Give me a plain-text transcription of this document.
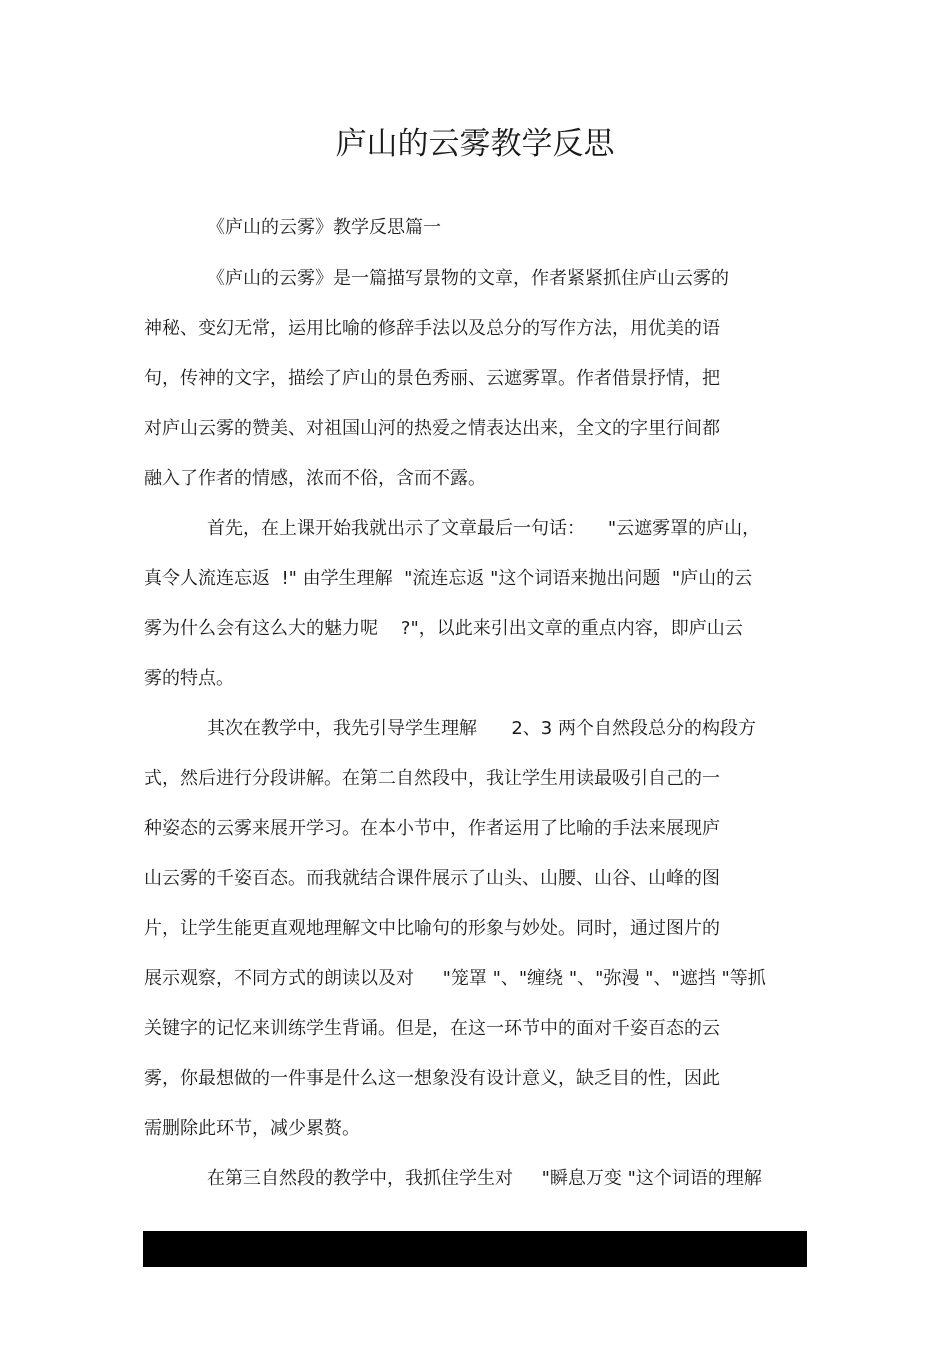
庐山的云雾教学反思
《庐山的云雾》教学反思篇一
《庐山的云雾》是一篇描写景物的文章，作者紧紧抓住庐山云雾的
神秘、变幻无常，运用比喻的修辞手法以及总分的写作方法，用优美的语
句，传神的文字，描绘了庐山的景色秀丽、云遮雾罩。作者借景抒情，把
对庐山云雾的赞美、对祖国山河的热爱之情表达出来，全文的字里行间都
融入了作者的情感，浓而不俗，含而不露。
首先，在上课开始我就出示了文章最后一句话：    "云遮雾罩的庐山，
真令人流连忘返  !" 由学生理解  "流连忘返 "这个词语来抛出问题  "庐山的云
雾为什么会有这么大的魅力呢    ?"，以此来引出文章的重点内容，即庐山云
雾的特点。
其次在教学中，我先引导学生理解      2、3 两个自然段总分的构段方
式，然后进行分段讲解。在第二自然段中，我让学生用读最吸引自己的一
种姿态的云雾来展开学习。在本小节中，作者运用了比喻的手法来展现庐
山云雾的千姿百态。而我就结合课件展示了山头、山腰、山谷、山峰的图
片，让学生能更直观地理解文中比喻句的形象与妙处。同时，通过图片的
展示观察，不同方式的朗读以及对     "笼罩 "、"缠绕 "、"弥漫 "、"遮挡 "等抓
关键字的记忆来训练学生背诵。但是，在这一环节中的面对千姿百态的云
雾，你最想做的一件事是什么这一想象没有设计意义，缺乏目的性，因此
需删除此环节，减少累赘。
在第三自然段的教学中，我抓住学生对     "瞬息万变 "这个词语的理解
